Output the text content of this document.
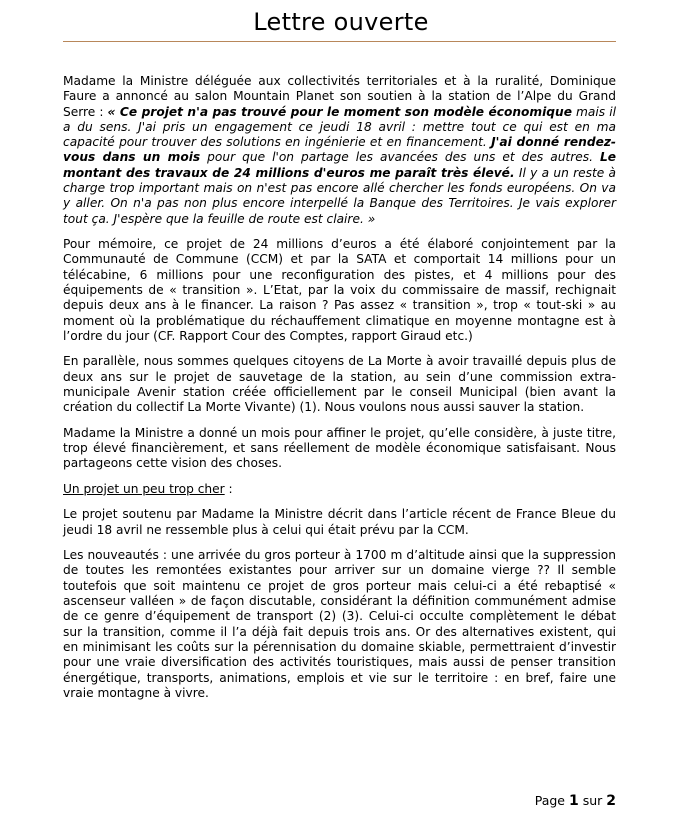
Lettre ouverte

Madame la Ministre déléguée aux collectivités territoriales et à la ruralité, Dominique Faure a annoncé au salon Mountain Planet son soutien à la station de l’Alpe du Grand Serre : « Ce projet n'a pas trouvé pour le moment son modèle économique mais il a du sens. J'ai pris un engagement ce jeudi 18 avril : mettre tout ce qui est en ma capacité pour trouver des solutions en ingénierie et en financement. J'ai donné rendez-vous dans un mois pour que l'on partage les avancées des uns et des autres. Le montant des travaux de 24 millions d'euros me paraît très élevé. Il y a un reste à charge trop important mais on n'est pas encore allé chercher les fonds européens. On va y aller. On n'a pas non plus encore interpellé la Banque des Territoires. Je vais explorer tout ça. J'espère que la feuille de route est claire. »

Pour mémoire, ce projet de 24 millions d’euros a été élaboré conjointement par la Communauté de Commune (CCM) et par la SATA et comportait 14 millions pour un télécabine, 6 millions pour une reconfiguration des pistes, et 4 millions pour des équipements de « transition ». L’Etat, par la voix du commissaire de massif, rechignait depuis deux ans à le financer. La raison ? Pas assez « transition », trop « tout-ski » au moment où la problématique du réchauffement climatique en moyenne montagne est à l’ordre du jour (CF. Rapport Cour des Comptes, rapport Giraud etc.)

En parallèle, nous sommes quelques citoyens de La Morte à avoir travaillé depuis plus de deux ans sur le projet de sauvetage de la station, au sein d’une commission extra-municipale Avenir station créée officiellement par le conseil Municipal (bien avant la création du collectif La Morte Vivante) (1). Nous voulons nous aussi sauver la station.

Madame la Ministre a donné un mois pour affiner le projet, qu’elle considère, à juste titre, trop élevé financièrement, et sans réellement de modèle économique satisfaisant. Nous partageons cette vision des choses.

Un projet un peu trop cher :

Le projet soutenu par Madame la Ministre décrit dans l’article récent de France Bleue du jeudi 18 avril ne ressemble plus à celui qui était prévu par la CCM.

Les nouveautés : une arrivée du gros porteur à 1700 m d’altitude ainsi que la suppression de toutes les remontées existantes pour arriver sur un domaine vierge ?? Il semble toutefois que soit maintenu ce projet de gros porteur mais celui-ci a été rebaptisé « ascenseur valléen » de façon discutable, considérant la définition communément admise de ce genre d’équipement de transport (2) (3). Celui-ci occulte complètement le débat sur la transition, comme il l’a déjà fait depuis trois ans. Or des alternatives existent, qui en minimisant les coûts sur la pérennisation du domaine skiable, permettraient d’investir pour une vraie diversification des activités touristiques, mais aussi de penser transition énergétique, transports, animations, emplois et vie sur le territoire : en bref, faire une vraie montagne à vivre.

Page 1 sur 2
